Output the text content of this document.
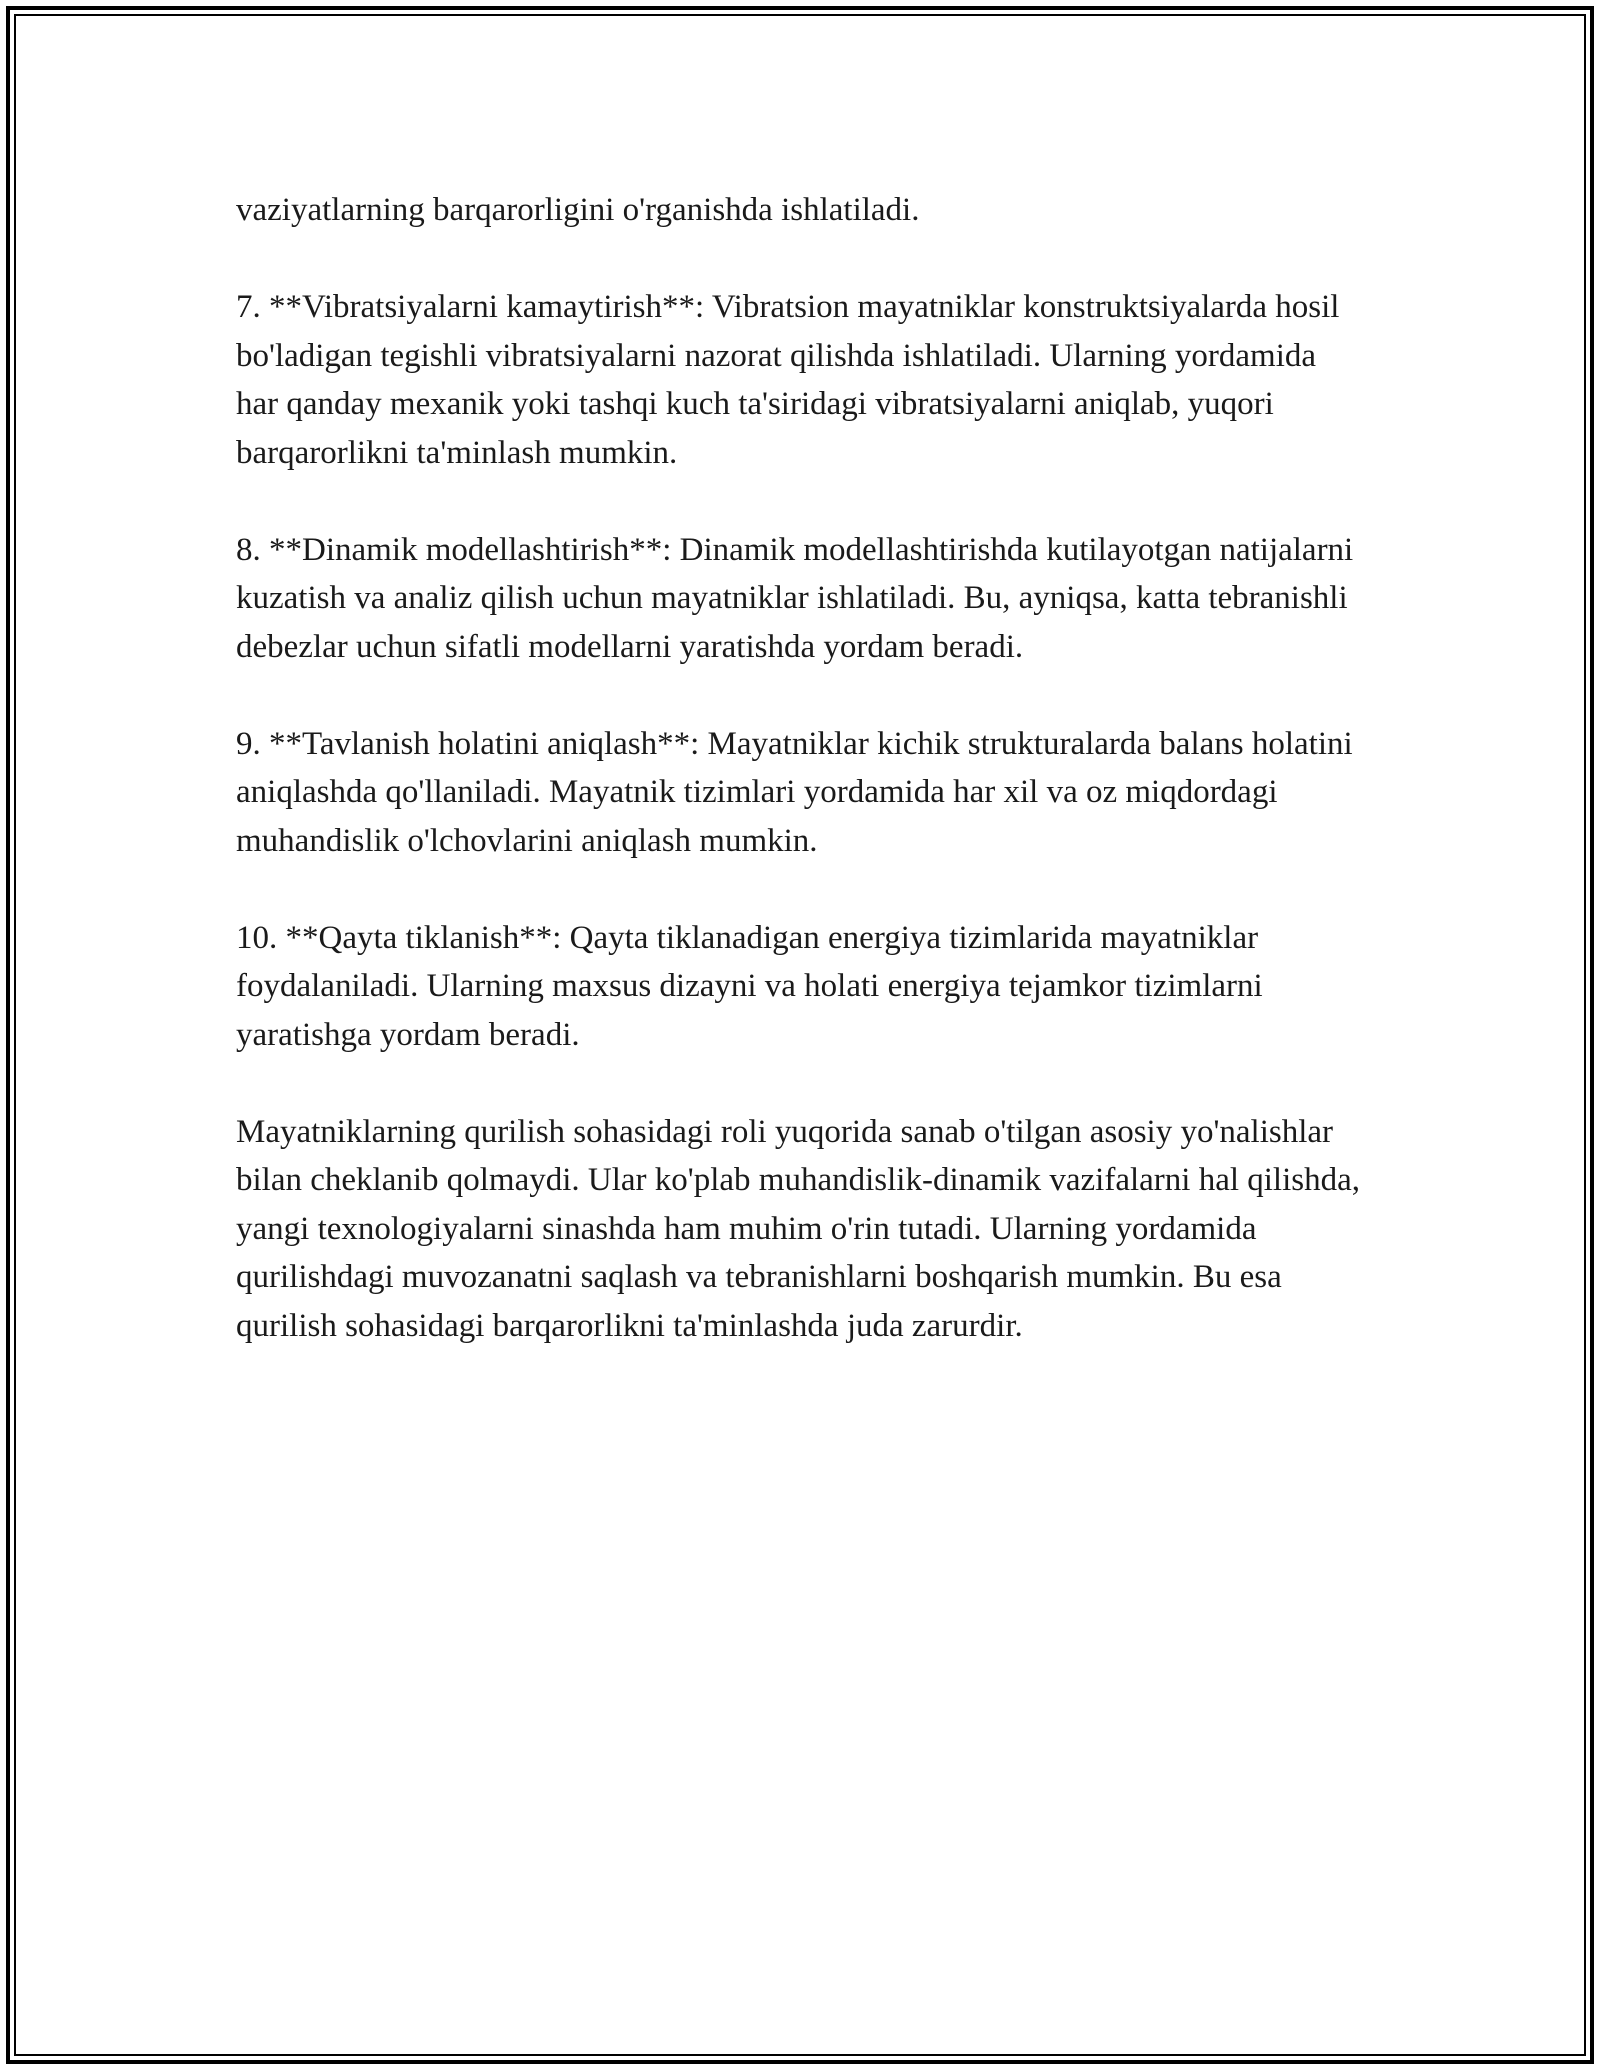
vaziyatlarning barqarorligini o'rganishda ishlatiladi.

7. **Vibratsiyalarni kamaytirish**: Vibratsion mayatniklar konstruktsiyalarda hosil bo'ladigan tegishli vibratsiyalarni nazorat qilishda ishlatiladi. Ularning yordamida har qanday mexanik yoki tashqi kuch ta'siridagi vibratsiyalarni aniqlab, yuqori barqarorlikni ta'minlash mumkin.

8. **Dinamik modellashtirish**: Dinamik modellashtirishda kutilayotgan natijalarni kuzatish va analiz qilish uchun mayatniklar ishlatiladi. Bu, ayniqsa, katta tebranishli debezlar uchun sifatli modellarni yaratishda yordam beradi.

9. **Tavlanish holatini aniqlash**: Mayatniklar kichik strukturalarda balans holatini aniqlashda qo'llaniladi. Mayatnik tizimlari yordamida har xil va oz miqdordagi muhandislik o'lchovlarini aniqlash mumkin.

10. **Qayta tiklanish**: Qayta tiklanadigan energiya tizimlarida mayatniklar foydalaniladi. Ularning maxsus dizayni va holati energiya tejamkor tizimlarni yaratishga yordam beradi.

Mayatniklarning qurilish sohasidagi roli yuqorida sanab o'tilgan asosiy yo'nalishlar bilan cheklanib qolmaydi. Ular ko'plab muhandislik-dinamik vazifalarni hal qilishda, yangi texnologiyalarni sinashda ham muhim o'rin tutadi. Ularning yordamida qurilishdagi muvozanatni saqlash va tebranishlarni boshqarish mumkin. Bu esa qurilish sohasidagi barqarorlikni ta'minlashda juda zarurdir.
